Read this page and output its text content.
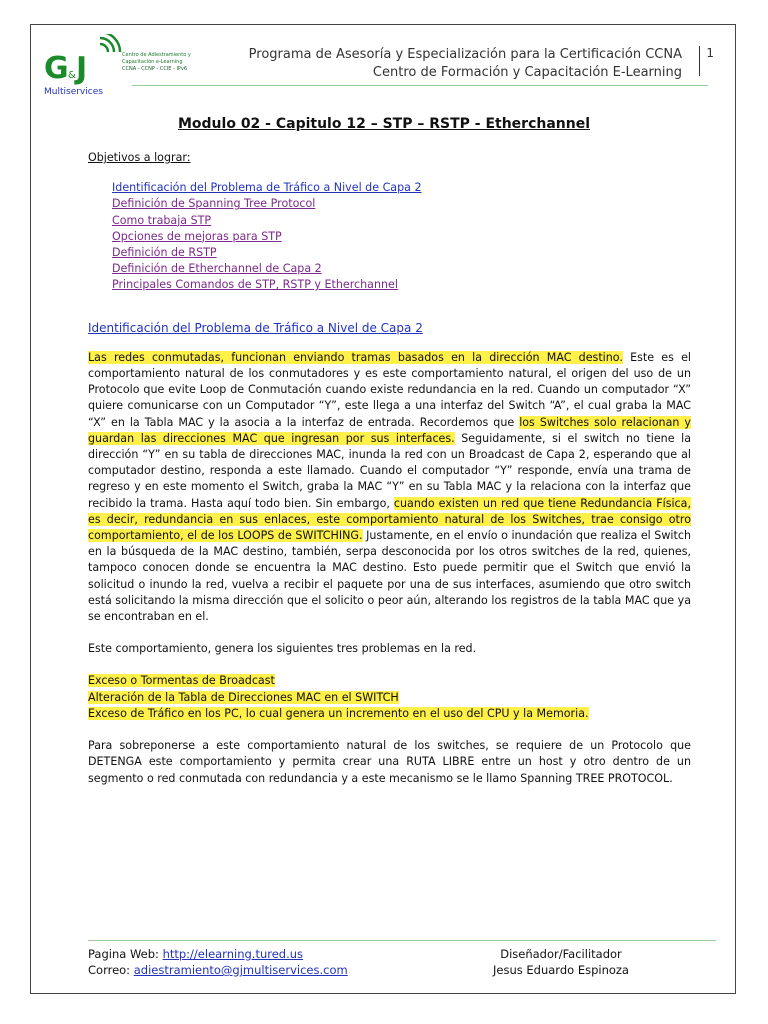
G & J
Multiservices
Centro de Adiestramiento y
Capacitación e-Learning
CCNA - CCNP - CCIE - IPv6
Programa de Asesoría y Especialización para la Certificación CCNA
Centro de Formación y Capacitación E-Learning
1
Modulo 02 - Capitulo 12 – STP – RSTP - Etherchannel
Objetivos a lograr:
Identificación del Problema de Tráfico a Nivel de Capa 2
Definición de Spanning Tree Protocol
Como trabaja STP
Opciones de mejoras para STP
Definición de RSTP
Definición de Etherchannel de Capa 2
Principales Comandos de STP, RSTP y Etherchannel
Identificación del Problema de Tráfico a Nivel de Capa 2
Las redes conmutadas, funcionan enviando tramas basados en la dirección MAC destino. Este es el comportamiento natural de los conmutadores y es este comportamiento natural, el origen del uso de un Protocolo que evite Loop de Conmutación cuando existe redundancia en la red. Cuando un computador “X” quiere comunicarse con un Computador “Y”, este llega a una interfaz del Switch “A”, el cual graba la MAC “X” en la Tabla MAC y la asocia a la interfaz de entrada. Recordemos que los Switches solo relacionan y guardan las direcciones MAC que ingresan por sus interfaces. Seguidamente, si el switch no tiene la dirección “Y” en su tabla de direcciones MAC, inunda la red con un Broadcast de Capa 2, esperando que al computador destino, responda a este llamado. Cuando el computador “Y” responde, envía una trama de regreso y en este momento el Switch, graba la MAC “Y” en su Tabla MAC y la relaciona con la interfaz que recibido la trama. Hasta aquí todo bien. Sin embargo, cuando existen un red que tiene Redundancia Física, es decir, redundancia en sus enlaces, este comportamiento natural de los Switches, trae consigo otro comportamiento, el de los LOOPS de SWITCHING. Justamente, en el envío o inundación que realiza el Switch en la búsqueda de la MAC destino, también, serpa desconocida por los otros switches de la red, quienes, tampoco conocen donde se encuentra la MAC destino. Esto puede permitir que el Switch que envió la solicitud o inundo la red, vuelva a recibir el paquete por una de sus interfaces, asumiendo que otro switch está solicitando la misma dirección que el solicito o peor aún, alterando los registros de la tabla MAC que ya se encontraban en el.
Este comportamiento, genera los siguientes tres problemas en la red.
Exceso o Tormentas de Broadcast
Alteración de la Tabla de Direcciones MAC en el SWITCH
Exceso de Tráfico en los PC, lo cual genera un incremento en el uso del CPU y la Memoria.
Para sobreponerse a este comportamiento natural de los switches, se requiere de un Protocolo que DETENGA este comportamiento y permita crear una RUTA LIBRE entre un host y otro dentro de un segmento o red conmutada con redundancia y a este mecanismo se le llamo Spanning TREE PROTOCOL.
Pagina Web: http://elearning.tured.us
Correo: adiestramiento@gjmultiservices.com
Diseñador/Facilitador
Jesus Eduardo Espinoza
